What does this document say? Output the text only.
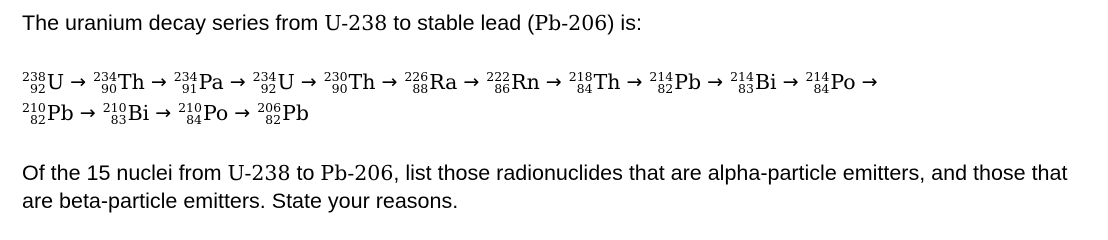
The uranium decay series from U-238 to stable lead (Pb-206) is:

238
92 U → 234
90 Th → 234
91 Pa → 234
92 U → 230
90 Th → 226
88 Ra → 222
86 Rn → 218
84 Th → 214
82 Pb → 214
83 Bi → 214
84 Po →
210
82 Pb → 210
83 Bi → 210
84 Po → 206
82 Pb

Of the 15 nuclei from U-238 to Pb-206, list those radionuclides that are alpha-particle emitters, and those that are beta-particle emitters. State your reasons.
